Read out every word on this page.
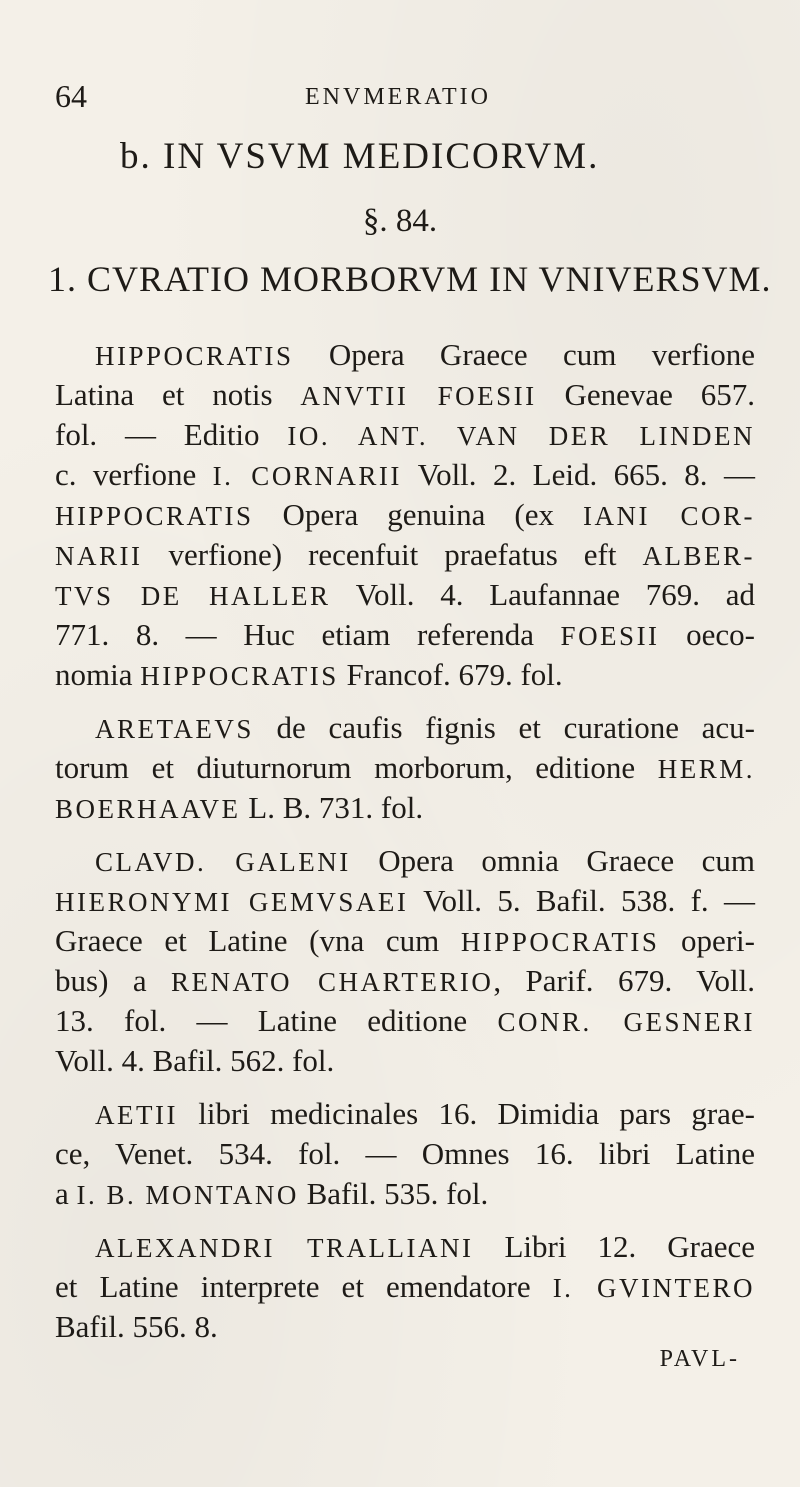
64	ENVMERATIO
b. IN VSVM MEDICORVM.
§. 84.
1. CVRATIO MORBORVM IN VNIVERSVM.
HIPPOCRATIS Opera Graece cum verfione
Latina et notis ANVTII FOESII Genevae 657.
fol. — Editio IO. ANT. VAN DER LINDEN
c. verfione I. CORNARII Voll. 2. Leid. 665. 8. —
HIPPOCRATIS Opera genuina (ex IANI COR-
NARII verfione) recenfuit praefatus eft ALBER-
TVS DE HALLER Voll. 4. Laufannae 769. ad
771. 8. — Huc etiam referenda FOESII oeco-
nomia HIPPOCRATIS Francof. 679. fol.
ARETAEVS de caufis fignis et curatione acu-
torum et diuturnorum morborum, editione HERM.
BOERHAAVE L. B. 731. fol.
CLAVD. GALENI Opera omnia Graece cum
HIERONYMI GEMVSAEI Voll. 5. Bafil. 538. f. —
Graece et Latine (vna cum HIPPOCRATIS operi-
bus) a RENATO CHARTERIO, Parif. 679. Voll.
13. fol. — Latine editione CONR. GESNERI
Voll. 4. Bafil. 562. fol.
AETII libri medicinales 16. Dimidia pars grae-
ce, Venet. 534. fol. — Omnes 16. libri Latine
a I. B. MONTANO Bafil. 535. fol.
ALEXANDRI TRALLIANI Libri 12. Graece
et Latine interprete et emendatore I. GVINTERO
Bafil. 556. 8.
PAVL-
